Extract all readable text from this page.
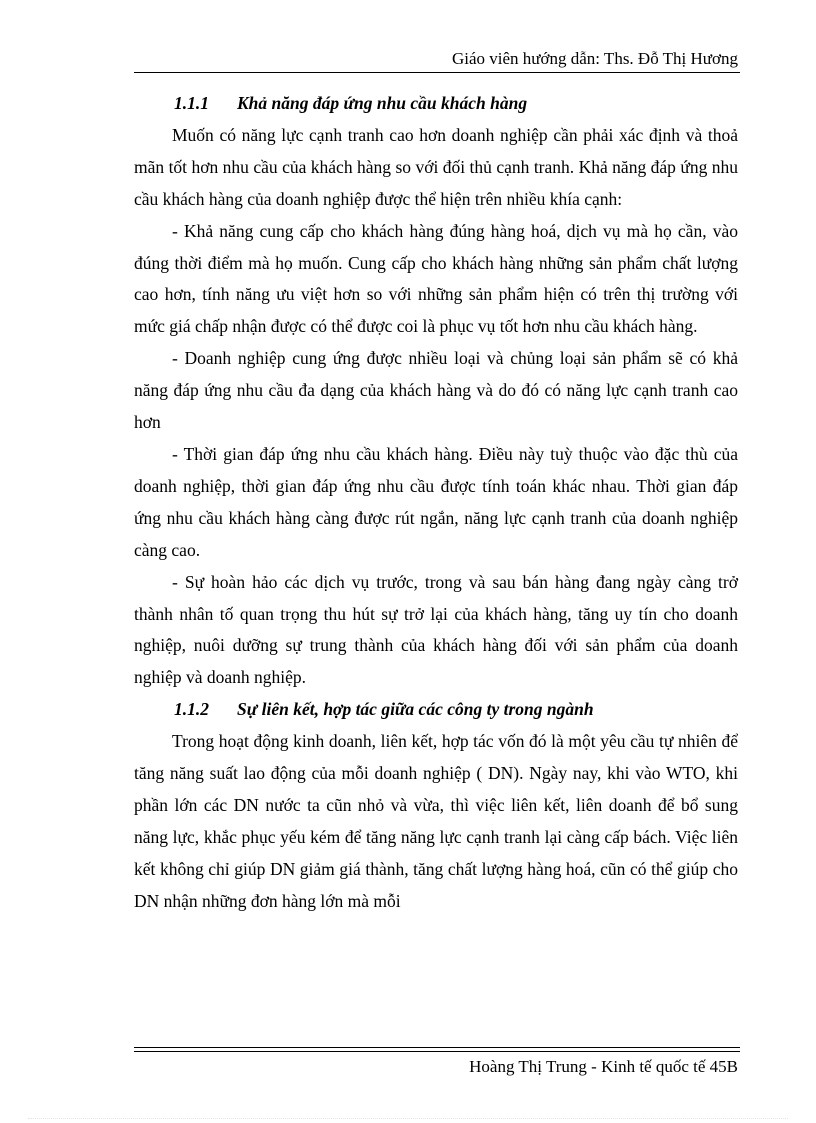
Giáo viên hướng dẫn: Ths. Đỗ Thị Hương

1.1.1 Khả năng đáp ứng nhu cầu khách hàng

Muốn có năng lực cạnh tranh cao hơn doanh nghiệp cần phải xác định và thoả mãn tốt hơn nhu cầu của khách hàng so với đối thủ cạnh tranh. Khả năng đáp ứng nhu cầu khách hàng của doanh nghiệp được thể hiện trên nhiều khía cạnh:

- Khả năng cung cấp cho khách hàng đúng hàng hoá, dịch vụ mà họ cần, vào đúng thời điểm mà họ muốn. Cung cấp cho khách hàng những sản phẩm chất lượng cao hơn, tính năng ưu việt hơn so với những sản phẩm hiện có trên thị trường với mức giá chấp nhận được có thể được coi là phục vụ tốt hơn nhu cầu khách hàng.

- Doanh nghiệp cung ứng được nhiều loại và chủng loại sản phẩm sẽ có khả năng đáp ứng nhu cầu đa dạng của khách hàng và do đó có năng lực cạnh tranh cao hơn

- Thời gian đáp ứng nhu cầu khách hàng. Điều này tuỳ thuộc vào đặc thù của doanh nghiệp, thời gian đáp ứng nhu cầu được tính toán khác nhau. Thời gian đáp ứng nhu cầu khách hàng càng được rút ngắn, năng lực cạnh tranh của doanh nghiệp càng cao.

- Sự hoàn hảo các dịch vụ trước, trong và sau bán hàng đang ngày càng trở thành nhân tố quan trọng thu hút sự trở lại của khách hàng, tăng uy tín cho doanh nghiệp, nuôi dưỡng sự trung thành của khách hàng đối với sản phẩm của doanh nghiệp và doanh nghiệp.

1.1.2 Sự liên kết, hợp tác giữa các công ty trong ngành

Trong hoạt động kinh doanh, liên kết, hợp tác vốn đó là một yêu cầu tự nhiên để tăng năng suất lao động của mỗi doanh nghiệp ( DN). Ngày nay, khi vào WTO, khi phần lớn các DN nước ta cũn nhỏ và vừa, thì việc liên kết, liên doanh để bổ sung năng lực, khắc phục yếu kém để tăng năng lực cạnh tranh lại càng cấp bách. Việc liên kết không chỉ giúp DN giảm giá thành, tăng chất lượng hàng hoá, cũn có thể giúp cho DN nhận những đơn hàng lớn mà mỗi

Hoàng Thị Trung - Kinh tế quốc tế 45B
